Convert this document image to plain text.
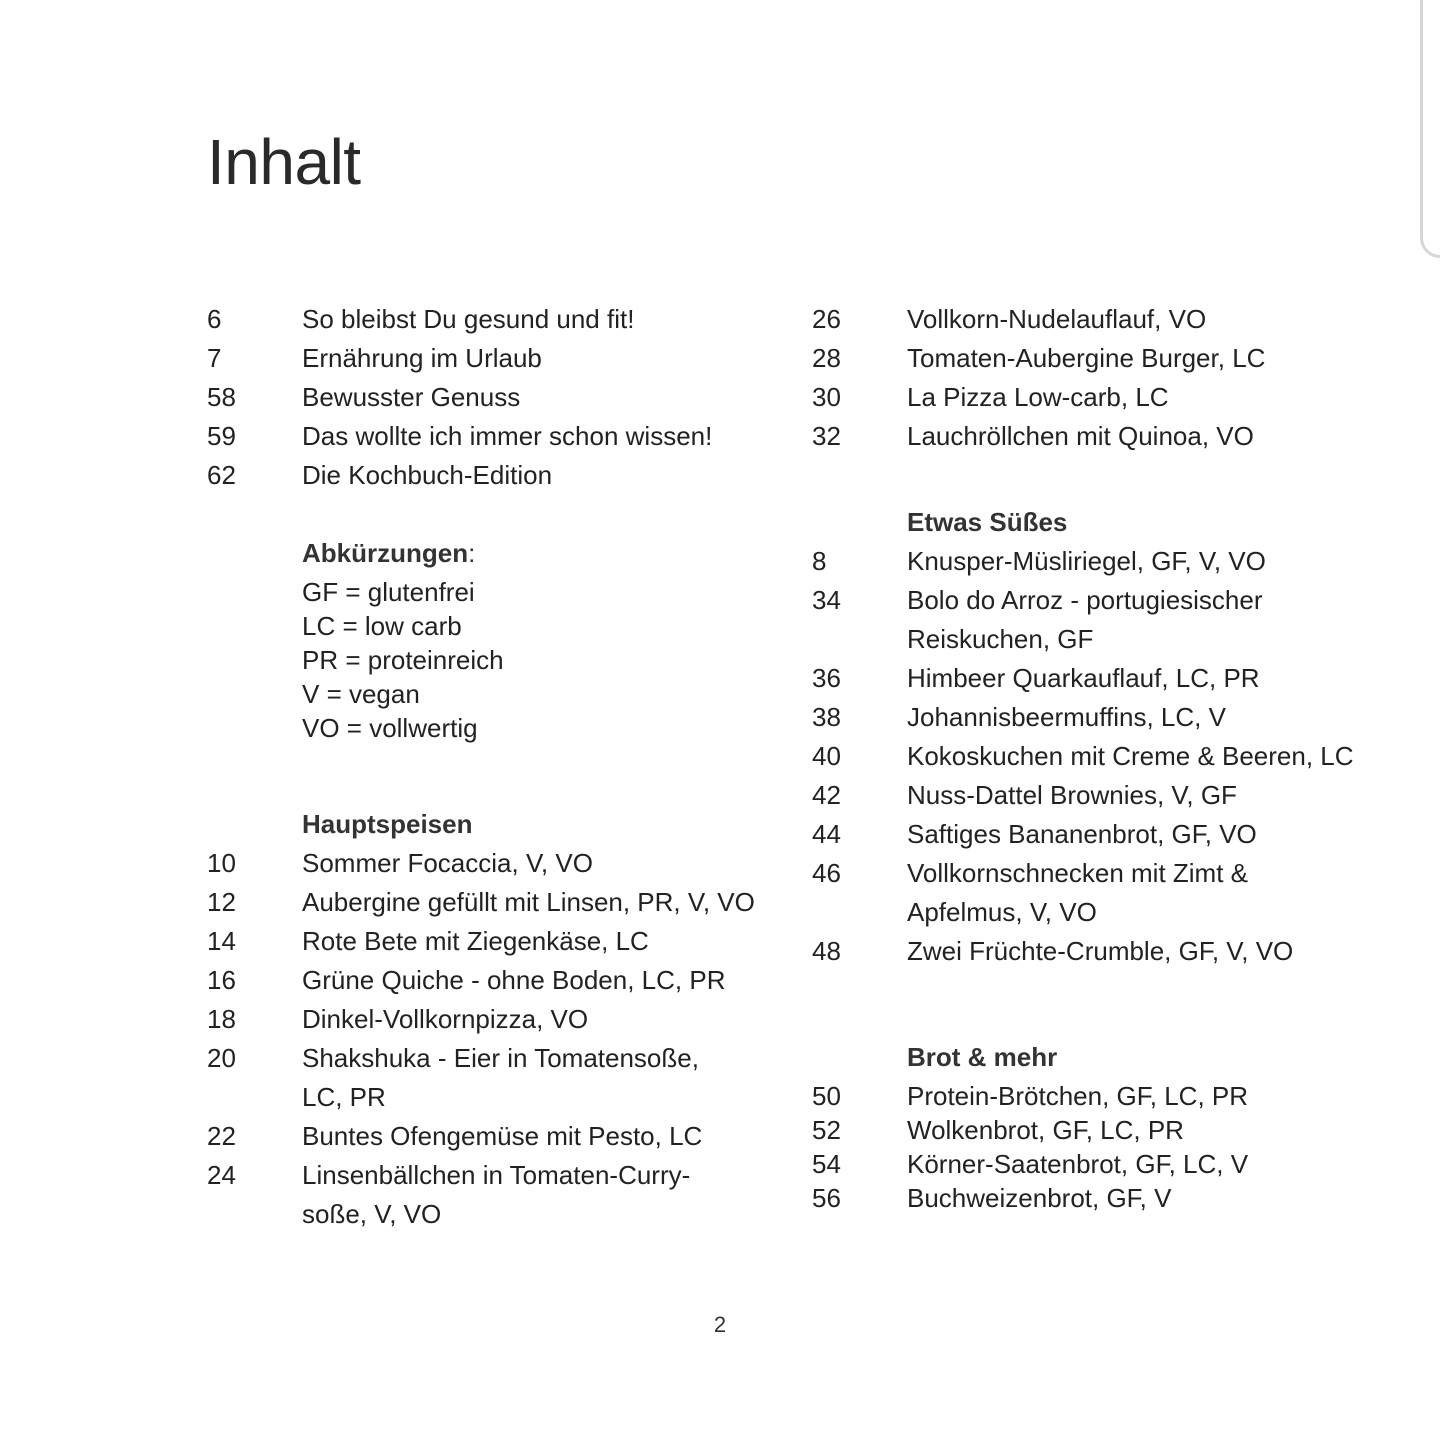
Inhalt
6	So bleibst Du gesund und fit!
7	Ernährung im Urlaub
58	Bewusster Genuss
59	Das wollte ich immer schon wissen!
62	Die Kochbuch-Edition
Abkürzungen:
GF = glutenfrei
LC = low carb
PR = proteinreich
V = vegan
VO = vollwertig
Hauptspeisen
10	Sommer Focaccia, V, VO
12	Aubergine gefüllt mit Linsen, PR, V, VO
14	Rote Bete mit Ziegenkäse, LC
16	Grüne Quiche - ohne Boden, LC, PR
18	Dinkel-Vollkornpizza, VO
20	Shakshuka - Eier in Tomatensoße,
LC, PR
22	Buntes Ofengemüse mit Pesto, LC
24	Linsenbällchen in Tomaten-Curry-
soße, V, VO
26	Vollkorn-Nudelauflauf, VO
28	Tomaten-Aubergine Burger, LC
30	La Pizza Low-carb, LC
32	Lauchröllchen mit Quinoa, VO
Etwas Süßes
8	Knusper-Müsliriegel, GF, V, VO
34	Bolo do Arroz - portugiesischer
Reiskuchen, GF
36	Himbeer Quarkauflauf, LC, PR
38	Johannisbeermuffins, LC, V
40	Kokoskuchen mit Creme & Beeren, LC
42	Nuss-Dattel Brownies, V, GF
44	Saftiges Bananenbrot, GF, VO
46	Vollkornschnecken mit Zimt &
Apfelmus, V, VO
48	Zwei Früchte-Crumble, GF, V, VO
Brot & mehr
50	Protein-Brötchen, GF, LC, PR
52	Wolkenbrot, GF, LC, PR
54	Körner-Saatenbrot, GF, LC, V
56	Buchweizenbrot, GF, V
2
